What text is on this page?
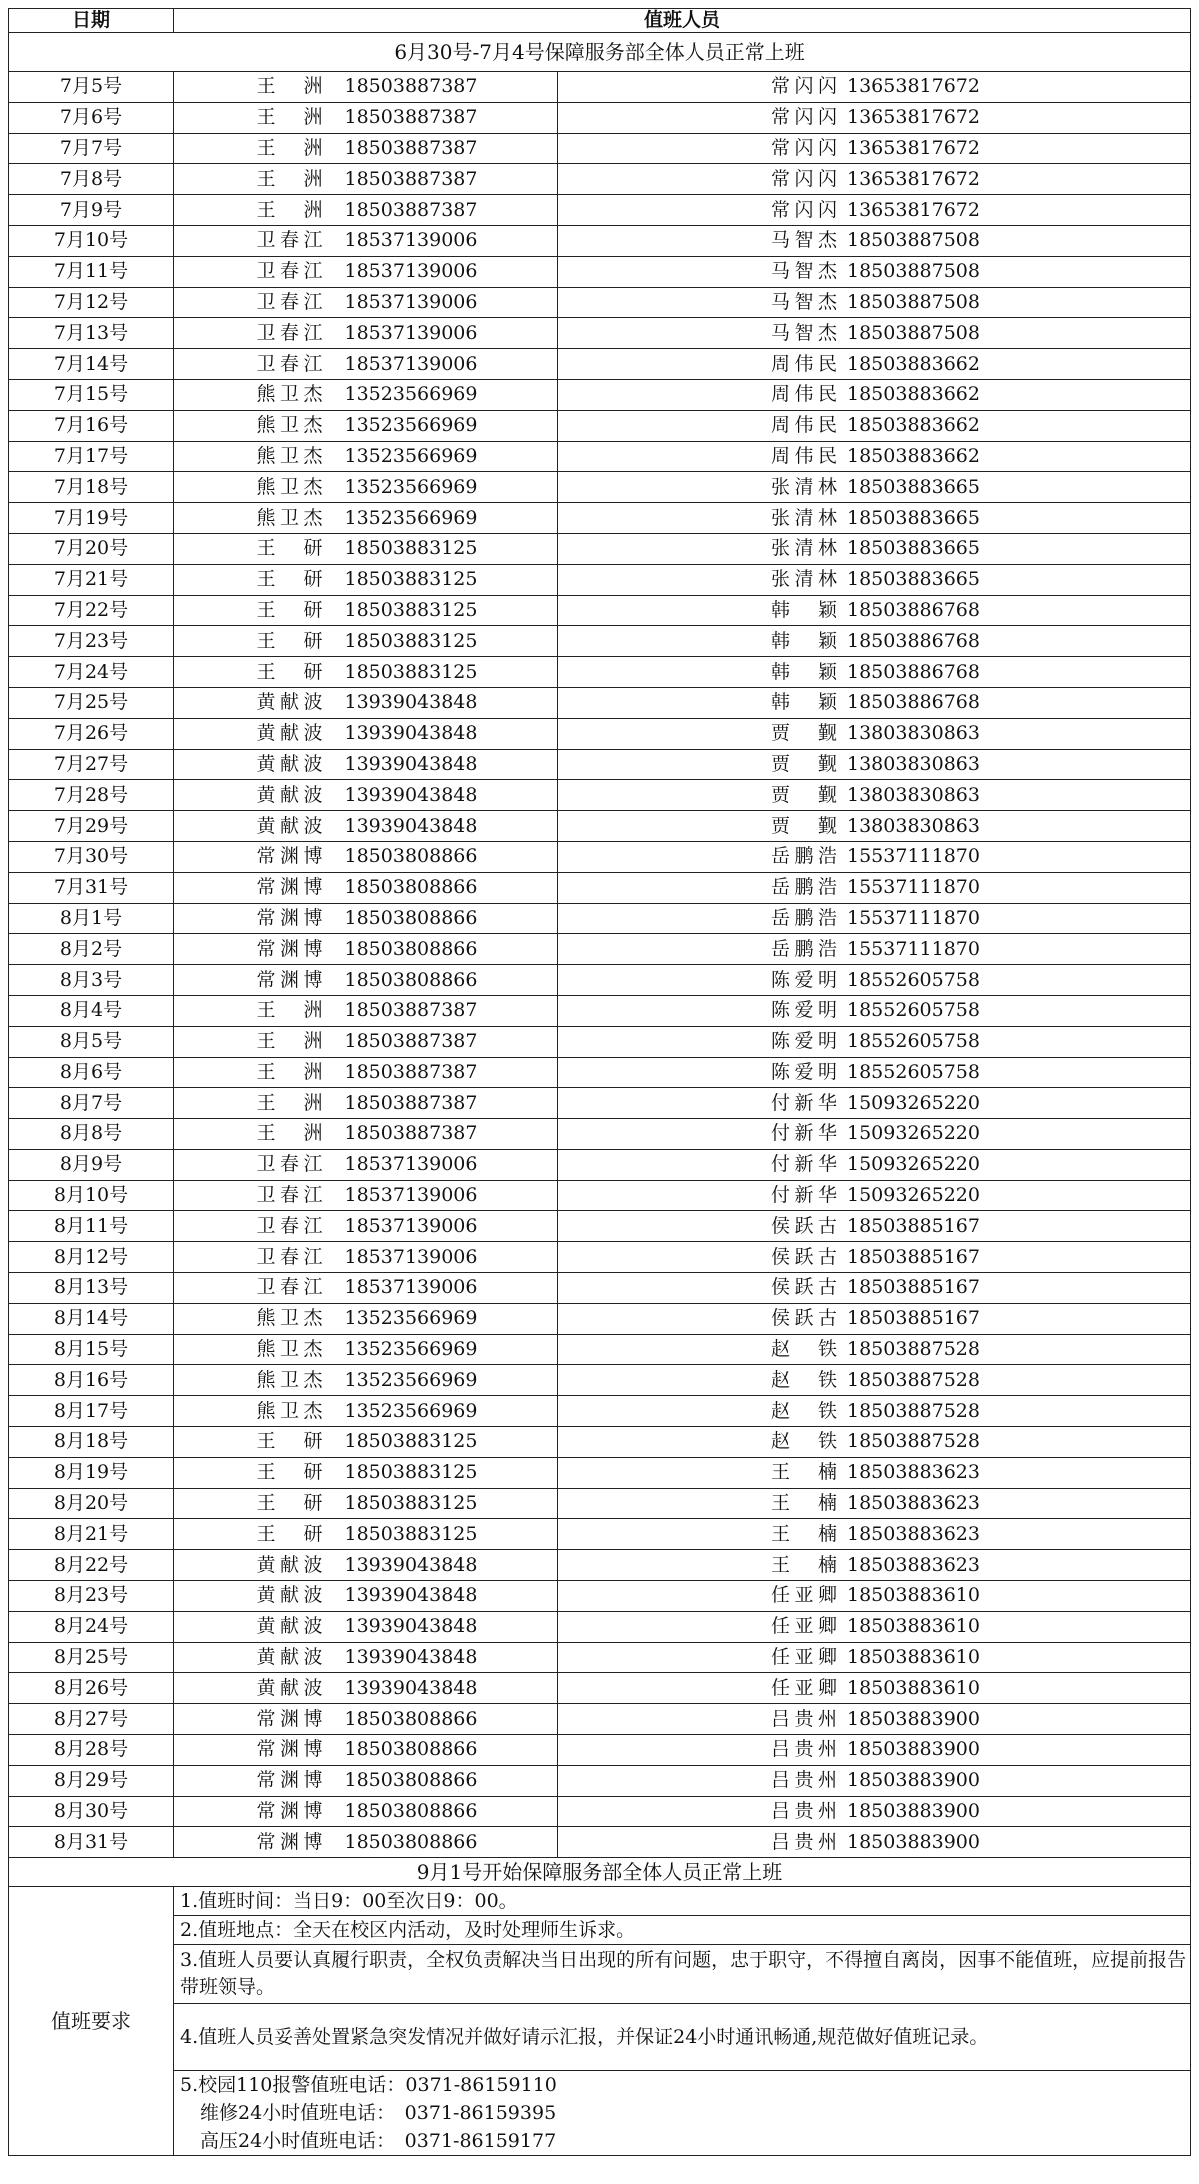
日期	值班人员	
6月30号-7月4号保障服务部全体人员正常上班		
7月5号	王　洲 18503887387	常闪闪 13653817672

7月6号	王　洲 18503887387	常闪闪 13653817672

7月7号	王　洲 18503887387	常闪闪 13653817672

7月8号	王　洲 18503887387	常闪闪 13653817672

7月9号	王　洲 18503887387	常闪闪 13653817672

7月10号	卫春江 18537139006	马智杰 18503887508

7月11号	卫春江 18537139006	马智杰 18503887508

7月12号	卫春江 18537139006	马智杰 18503887508

7月13号	卫春江 18537139006	马智杰 18503887508

7月14号	卫春江 18537139006	周伟民 18503883662

7月15号	熊卫杰 13523566969	周伟民 18503883662

7月16号	熊卫杰 13523566969	周伟民 18503883662

7月17号	熊卫杰 13523566969	周伟民 18503883662

7月18号	熊卫杰 13523566969	张清林 18503883665

7月19号	熊卫杰 13523566969	张清林 18503883665

7月20号	王　研 18503883125	张清林 18503883665

7月21号	王　研 18503883125	张清林 18503883665

7月22号	王　研 18503883125	韩　颖 18503886768

7月23号	王　研 18503883125	韩　颖 18503886768

7月24号	王　研 18503883125	韩　颖 18503886768

7月25号	黄献波 13939043848	韩　颖 18503886768

7月26号	黄献波 13939043848	贾　觐 13803830863

7月27号	黄献波 13939043848	贾　觐 13803830863

7月28号	黄献波 13939043848	贾　觐 13803830863

7月29号	黄献波 13939043848	贾　觐 13803830863

7月30号	常渊博 18503808866	岳鹏浩 15537111870

7月31号	常渊博 18503808866	岳鹏浩 15537111870

8月1号	常渊博 18503808866	岳鹏浩 15537111870

8月2号	常渊博 18503808866	岳鹏浩 15537111870

8月3号	常渊博 18503808866	陈爱明 18552605758

8月4号	王　洲 18503887387	陈爱明 18552605758

8月5号	王　洲 18503887387	陈爱明 18552605758

8月6号	王　洲 18503887387	陈爱明 18552605758

8月7号	王　洲 18503887387	付新华 15093265220

8月8号	王　洲 18503887387	付新华 15093265220

8月9号	卫春江 18537139006	付新华 15093265220

8月10号	卫春江 18537139006	付新华 15093265220

8月11号	卫春江 18537139006	侯跃古 18503885167

8月12号	卫春江 18537139006	侯跃古 18503885167

8月13号	卫春江 18537139006	侯跃古 18503885167

8月14号	熊卫杰 13523566969	侯跃古 18503885167

8月15号	熊卫杰 13523566969	赵　铁 18503887528

8月16号	熊卫杰 13523566969	赵　铁 18503887528

8月17号	熊卫杰 13523566969	赵　铁 18503887528

8月18号	王　研 18503883125	赵　铁 18503887528

8月19号	王　研 18503883125	王　楠 18503883623

8月20号	王　研 18503883125	王　楠 18503883623

8月21号	王　研 18503883125	王　楠 18503883623

8月22号	黄献波 13939043848	王　楠 18503883623

8月23号	黄献波 13939043848	任亚卿 18503883610

8月24号	黄献波 13939043848	任亚卿 18503883610

8月25号	黄献波 13939043848	任亚卿 18503883610

8月26号	黄献波 13939043848	任亚卿 18503883610

8月27号	常渊博 18503808866	吕贵州 18503883900

8月28号	常渊博 18503808866	吕贵州 18503883900

8月29号	常渊博 18503808866	吕贵州 18503883900

8月30号	常渊博 18503808866	吕贵州 18503883900

8月31号	常渊博 18503808866	吕贵州 18503883900

9月1号开始保障服务部全体人员正常上班		
值班要求	1.值班时间：当日9：00至次日9：00。	
	2.值班地点：全天在校区内活动，及时处理师生诉求。	
	3.值班人员要认真履行职责，全权负责解决当日出现的所有问题，忠于职守，不得擅自离岗，因事不能值班，应提前报告带班领导。	
	4.值班人员妥善处置紧急突发情况并做好请示汇报，并保证24小时通讯畅通,规范做好值班记录。	
	5.校园110报警值班电话：0371-86159110	
	维修24小时值班电话：　0371-86159395	
	高压24小时值班电话：　0371-86159177	
